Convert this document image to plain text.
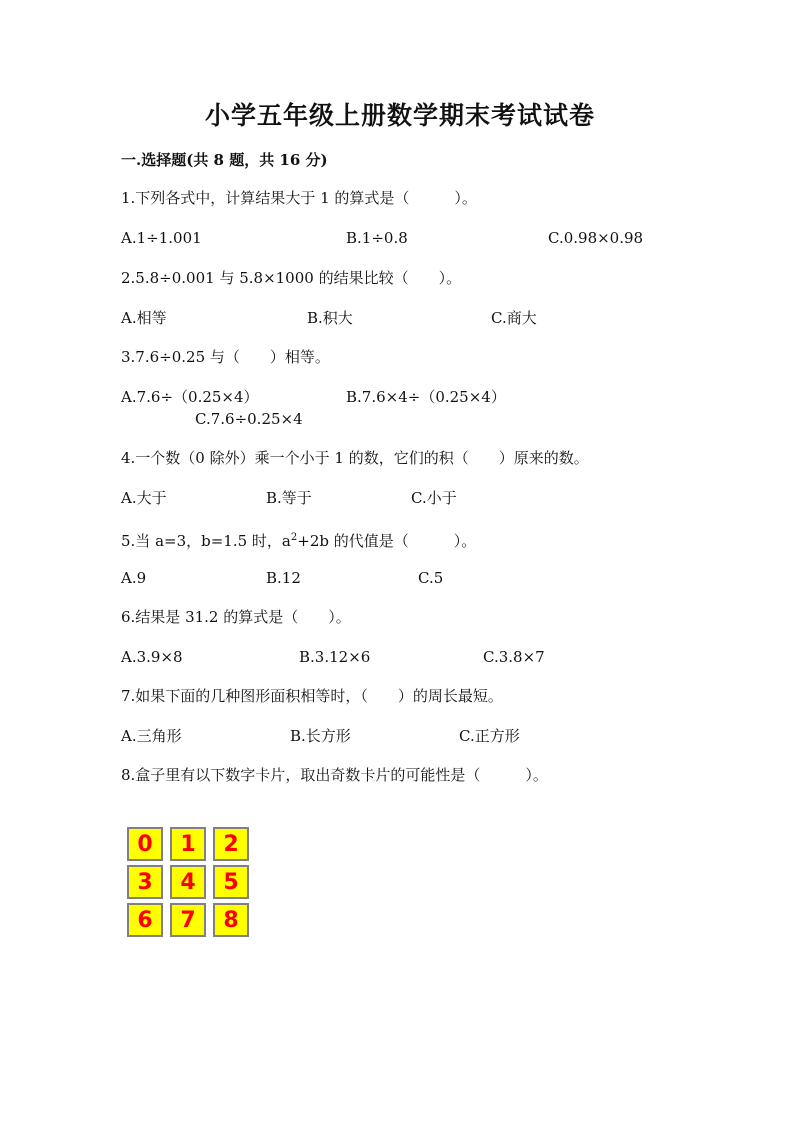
小学五年级上册数学期末考试试卷
一.选择题(共 8 题，共 16 分)
1.下列各式中，计算结果大于 1 的算式是（　　　）。
A.1÷1.001	B.1÷0.8	C.0.98×0.98
2.5.8÷0.001 与 5.8×1000 的结果比较（　　）。
A.相等	B.积大	C.商大
3.7.6÷0.25 与（　　）相等。
A.7.6÷（0.25×4）	B.7.6×4÷（0.25×4）
C.7.6÷0.25×4
4.一个数（0 除外）乘一个小于 1 的数，它们的积（　　）原来的数。
A.大于	B.等于	C.小于
5.当 a=3，b=1.5 时，$a^2+2b$ 的代值是（　　　）。
A.9	B.12	C.5
6.结果是 31.2 的算式是（　　）。
A.3.9×8	B.3.12×6	C.3.8×7
7.如果下面的几种图形面积相等时，（　　）的周长最短。
A.三角形	B.长方形	C.正方形
8.盒子里有以下数字卡片，取出奇数卡片的可能性是（　　　）。
0	1	2
3	4	5
6	7	8
